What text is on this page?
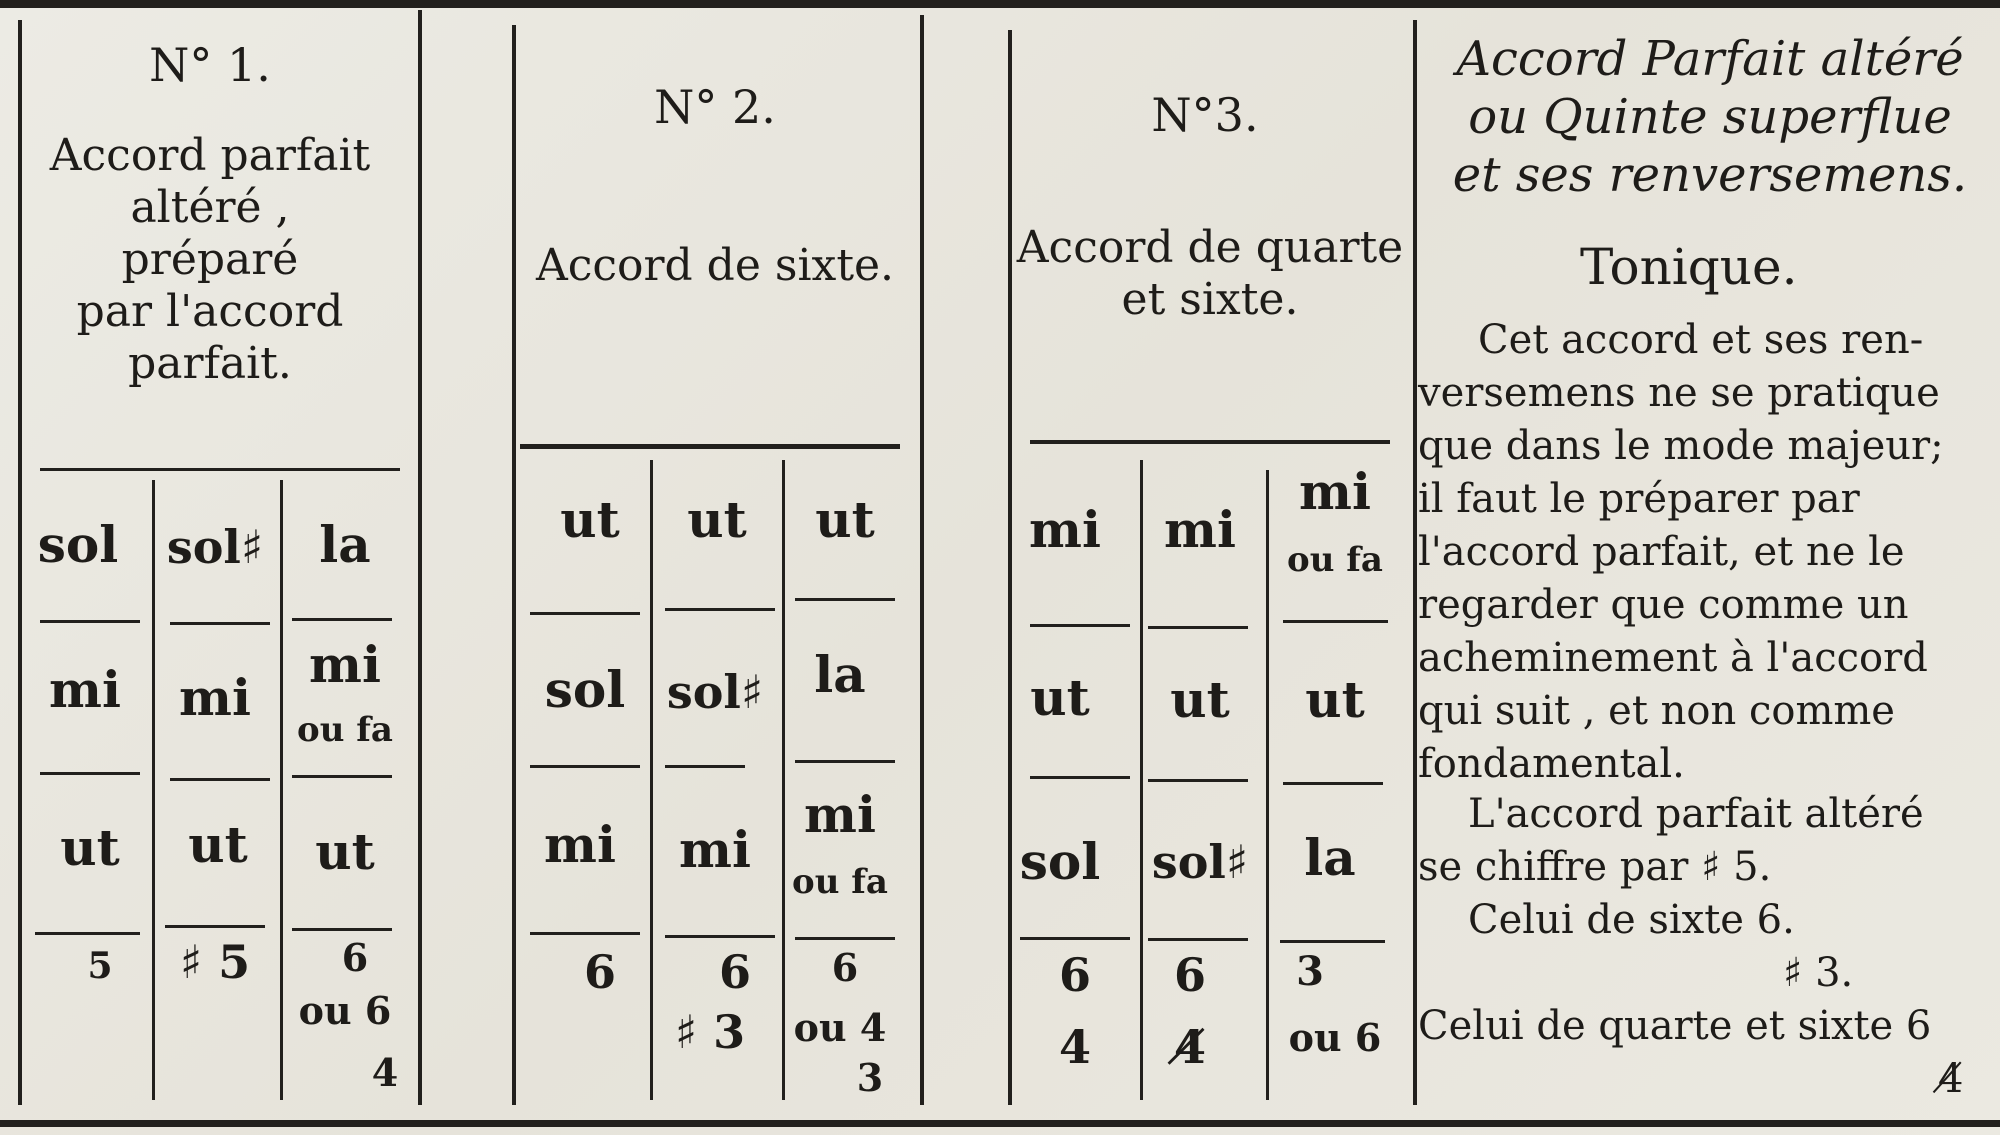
N° 1.
Accord parfait
altéré ,
préparé
par l'accord
parfait.
sol
mi
ut
5
sol♯
mi
ut
♯ 5
la
mi
ou fa
ut
6
ou 6
4
N° 2.
Accord de sixte.
ut
sol
mi
6
ut
sol♯
mi
6
♯ 3
ut
la
mi
ou fa
6
ou 4
3
N°3.
Accord de quarte
et sixte.
mi
ut
sol
6
4
mi
ut
sol♯
6
4̸
mi
ou fa
ut
la
3
ou 6
Accord Parfait altéré
ou Quinte superflue
et ses renversemens.
Tonique.
Cet accord et ses ren-
versemens ne se pratique
que dans le mode majeur;
il faut le préparer par
l'accord parfait, et ne le
regarder que comme un
acheminement à l'accord
qui suit , et non comme
fondamental.
L'accord parfait altéré
se chiffre par ♯ 5.
Celui de sixte 6.
♯ 3.
Celui de quarte et sixte 6
4̸
